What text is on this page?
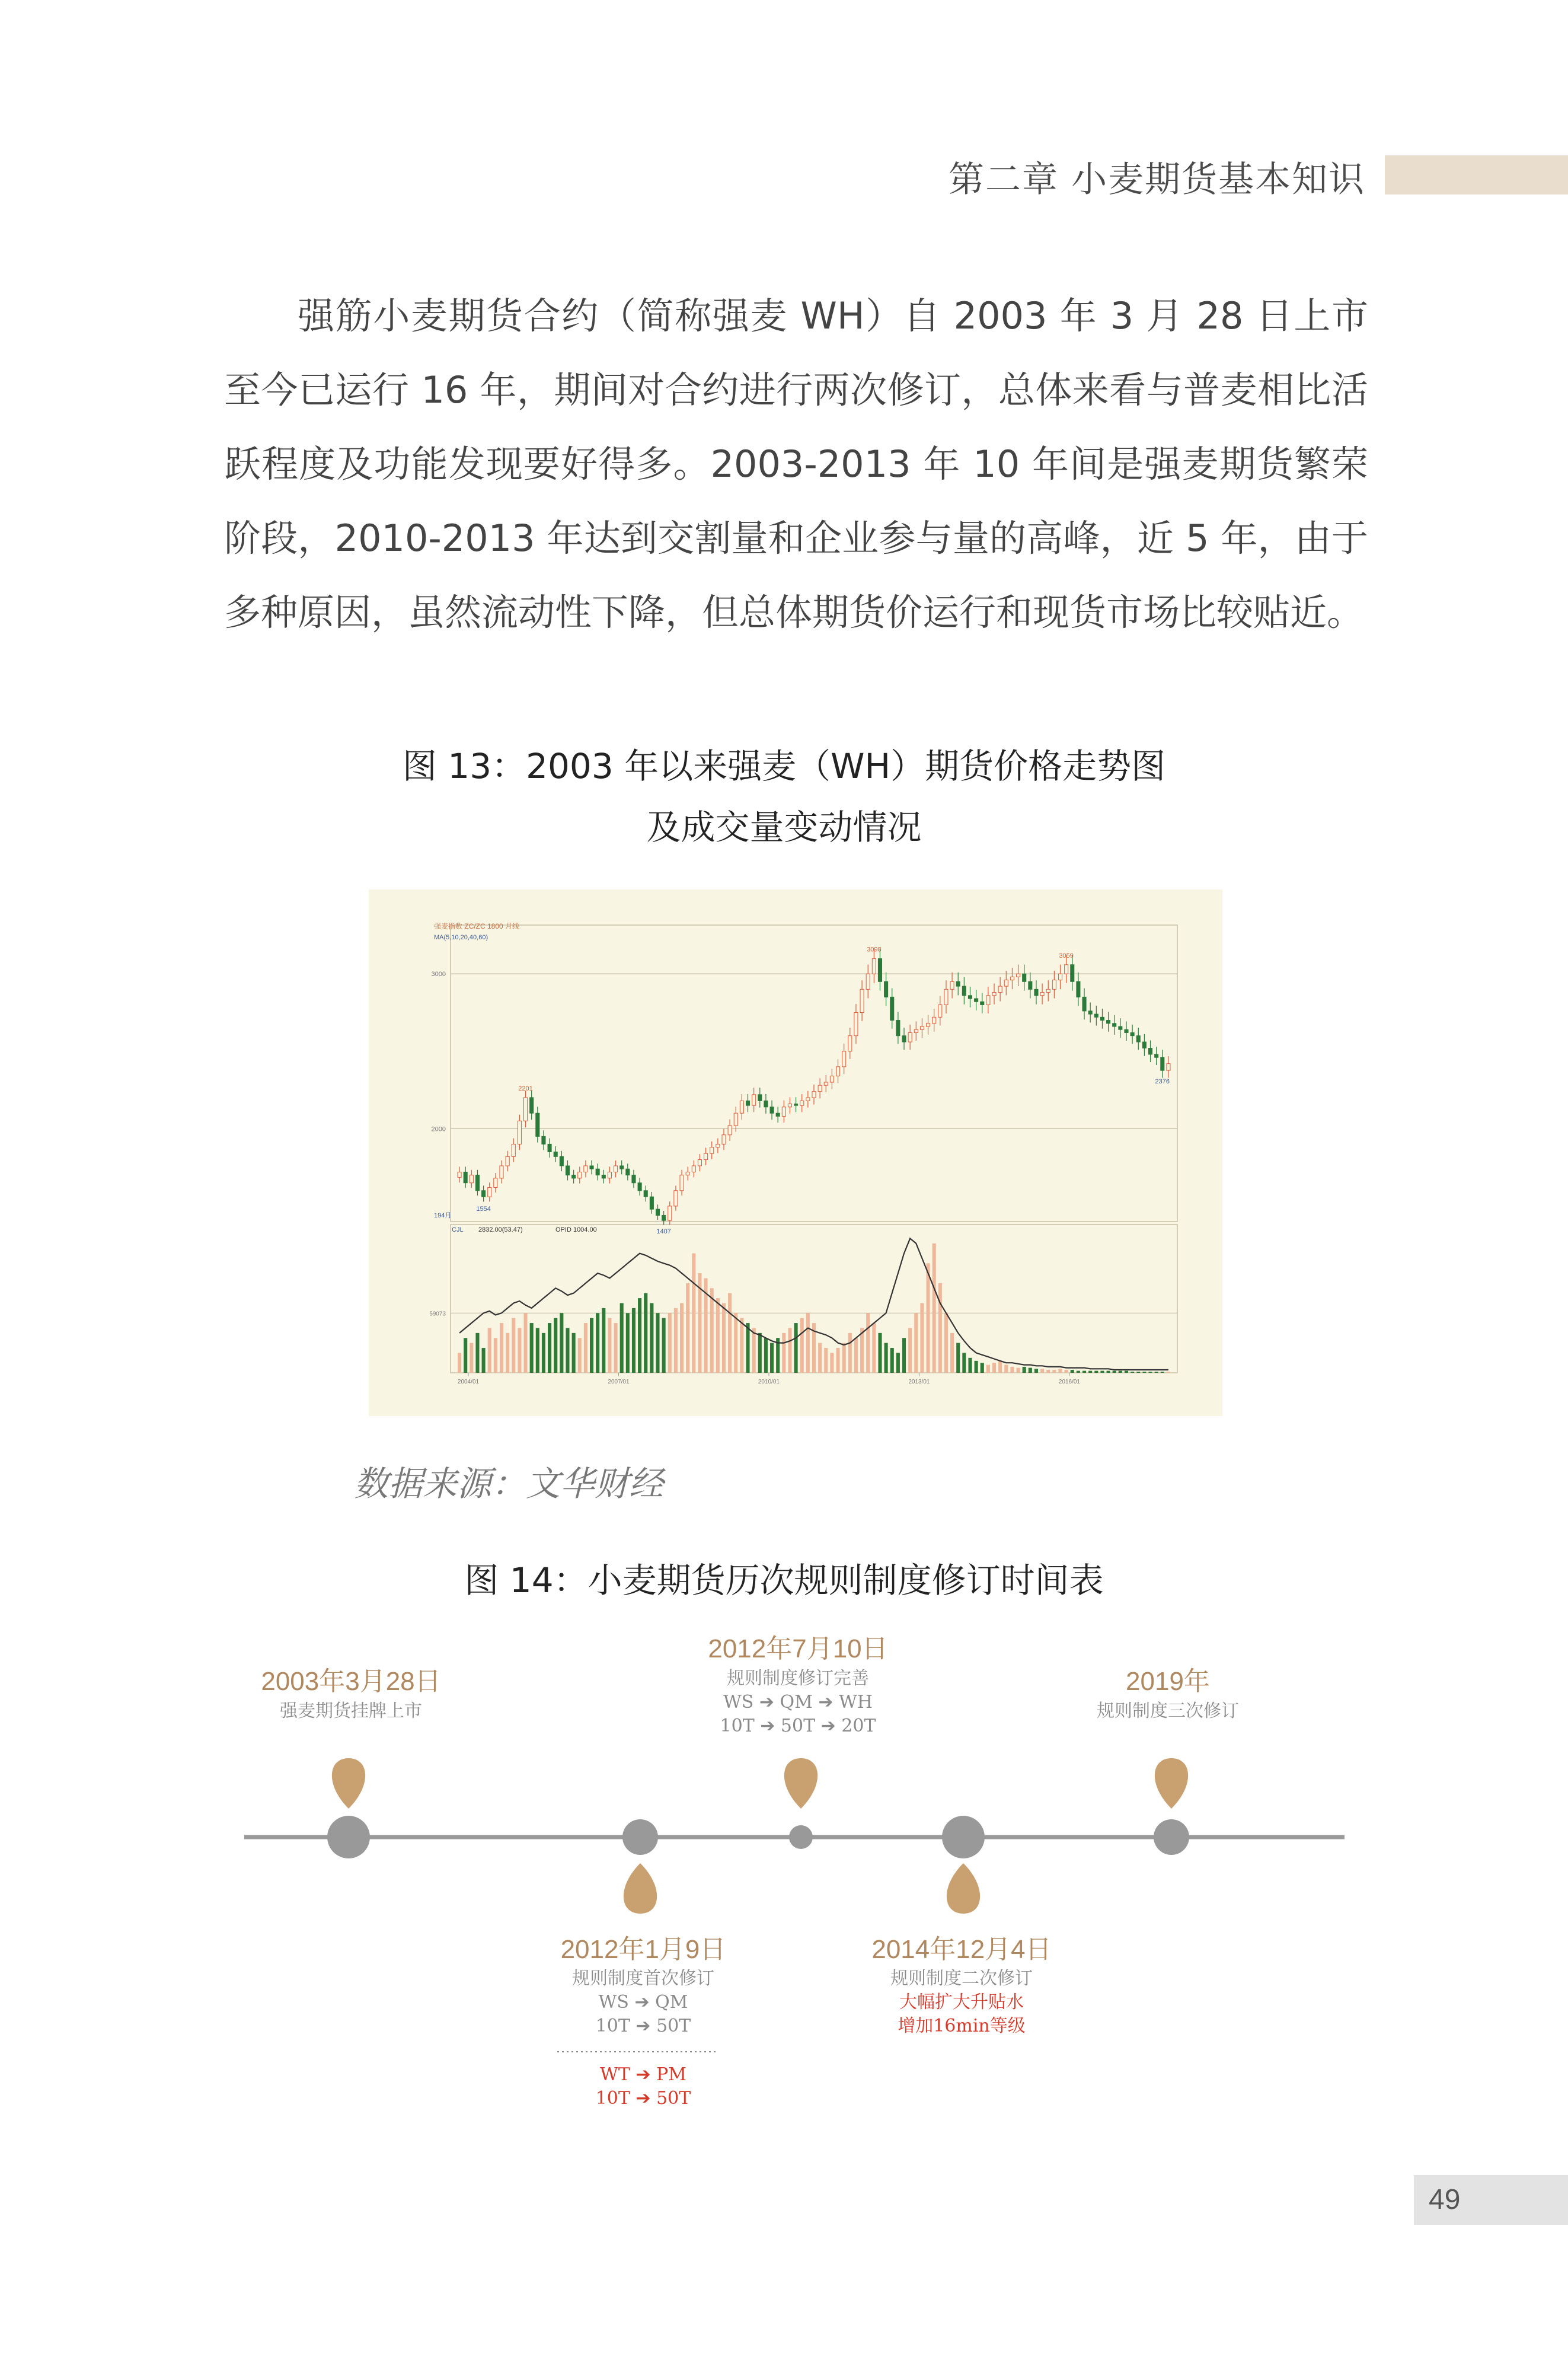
第二章 小麦期货基本知识

强筋小麦期货合约（简称强麦 WH）自 2003 年 3 月 28 日上市至今已运行 16 年，期间对合约进行两次修订，总体来看与普麦相比活跃程度及功能发现要好得多。2003-2013 年 10 年间是强麦期货繁荣阶段，2010-2013 年达到交割量和企业参与量的高峰，近 5 年，由于多种原因，虽然流动性下降，但总体期货价运行和现货市场比较贴近。

图 13：2003 年以来强麦（WH）期货价格走势图
及成交量变动情况
强麦指数 ZC/ZC 1800 月线
MA(5,10,20,40,60)
3000
2000
3098
3059
2201
1554
1407
2376
194月
CJL 2832.00(53.47)	OPID 1004.00
59073
2004/01	2007/01	2010/01	2013/01	2016/01
数据来源：文华财经
图 14：小麦期货历次规则制度修订时间表
2003年3月28日
强麦期货挂牌上市
2012年7月10日
规则制度修订完善
WS ➔ QM ➔ WH
10T ➔ 50T ➔ 20T
2019年
规则制度三次修订
2012年1月9日
规则制度首次修订
WS ➔ QM
10T ➔ 50T
WT ➔ PM
10T ➔ 50T
2014年12月4日
规则制度二次修订
大幅扩大升贴水
增加16min等级
49
